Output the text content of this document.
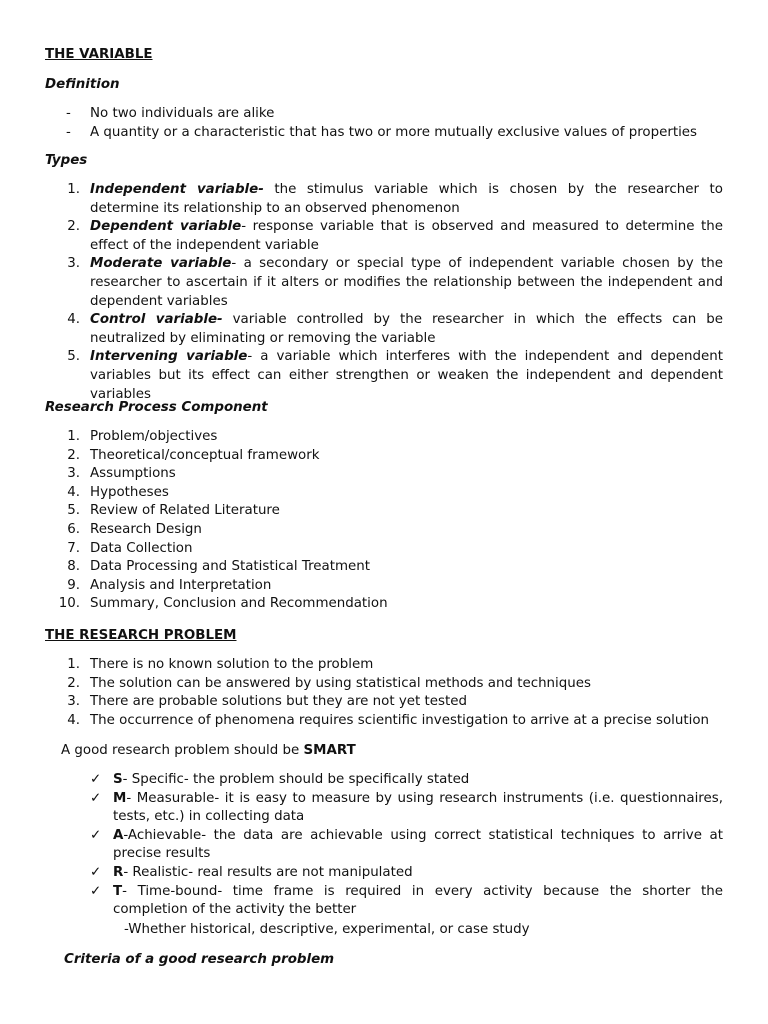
THE VARIABLE
Definition
- No two individuals are alike
- A quantity or a characteristic that has two or more mutually exclusive values of properties
Types
1. Independent variable- the stimulus variable which is chosen by the researcher to determine its relationship to an observed phenomenon
2. Dependent variable- response variable that is observed and measured to determine the effect of the independent variable
3. Moderate variable- a secondary or special type of independent variable chosen by the researcher to ascertain if it alters or modifies the relationship between the independent and dependent variables
4. Control variable- variable controlled by the researcher in which the effects can be neutralized by eliminating or removing the variable
5. Intervening variable- a variable which interferes with the independent and dependent variables but its effect can either strengthen or weaken the independent and dependent variables
Research Process Component
1. Problem/objectives
2. Theoretical/conceptual framework
3. Assumptions
4. Hypotheses
5. Review of Related Literature
6. Research Design
7. Data Collection
8. Data Processing and Statistical Treatment
9. Analysis and Interpretation
10. Summary, Conclusion and Recommendation
THE RESEARCH PROBLEM
1. There is no known solution to the problem
2. The solution can be answered by using statistical methods and techniques
3. There are probable solutions but they are not yet tested
4. The occurrence of phenomena requires scientific investigation to arrive at a precise solution
A good research problem should be SMART
✓ S- Specific- the problem should be specifically stated
✓ M- Measurable- it is easy to measure by using research instruments (i.e. questionnaires, tests, etc.) in collecting data
✓ A-Achievable- the data are achievable using correct statistical techniques to arrive at precise results
✓ R- Realistic- real results are not manipulated
✓ T- Time-bound- time frame is required in every activity because the shorter the completion of the activity the better
-Whether historical, descriptive, experimental, or case study
Criteria of a good research problem
